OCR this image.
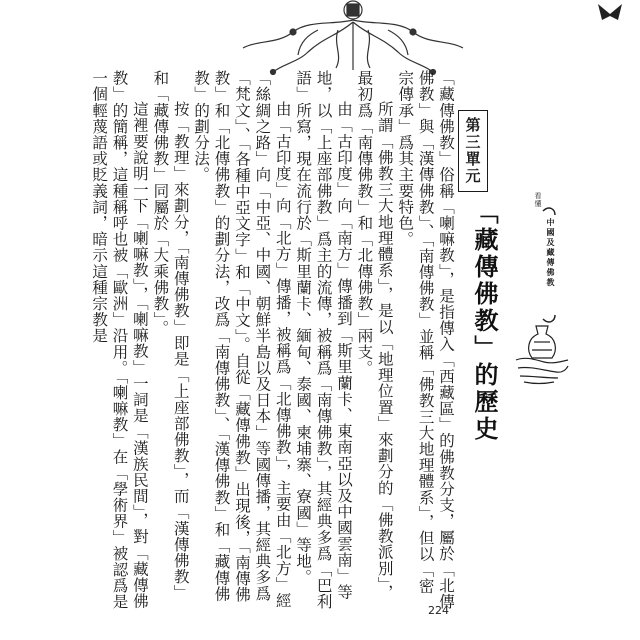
「藏傳佛教」俗稱「喇嘛教」，是指傳入「西藏區」的佛教分支，屬於「北傳佛教」與「漢傳佛教」、「南傳佛教」並稱「佛教三大地理體系」，但以「密宗傳承」爲其主要特色。

所謂「佛教三大地理體系」，是以「地理位置」來劃分的「佛教派別」，最初爲「南傳佛教」和「北傳佛教」兩支。

由「古印度」向「南方」傳播到「斯里蘭卡、東南亞以及中國雲南」等地，以「上座部佛教」爲主的流傳，被稱爲「南傳佛教」，其經典多爲「巴利語」所寫，現在流行於「斯里蘭卡、緬甸、泰國、柬埔寨、寮國」等地。

由「古印度」向「北方」傳播，被稱爲「北傳佛教」，主要由「北方」經「絲綢之路」向「中亞、中國、朝鮮半島以及日本」等國傳播，其經典多爲「梵文」、「各種中亞文字」和「中文」。自從「藏傳佛教」出現後，「南傳佛教」和「北傳佛教」的劃分法，改爲「南傳佛教」、「漢傳佛教」和「藏傳佛教」的劃分法。

按「教理」來劃分，「南傳佛教」即是「上座部佛教」，而「漢傳佛教」和「藏傳佛教」同屬於「大乘佛教」。

這裡要說明一下「喇嘛教」，「喇嘛教」一詞是「漢族民間」，對「藏傳佛教」的簡稱，這種稱呼也被「歐洲」沿用。「喇嘛教」在「學術界」被認爲是一個輕蔑語或貶義詞，暗示這種宗教是	第三單元
「藏傳佛教」的歷史	看懂
中國及藏傳佛教
224
